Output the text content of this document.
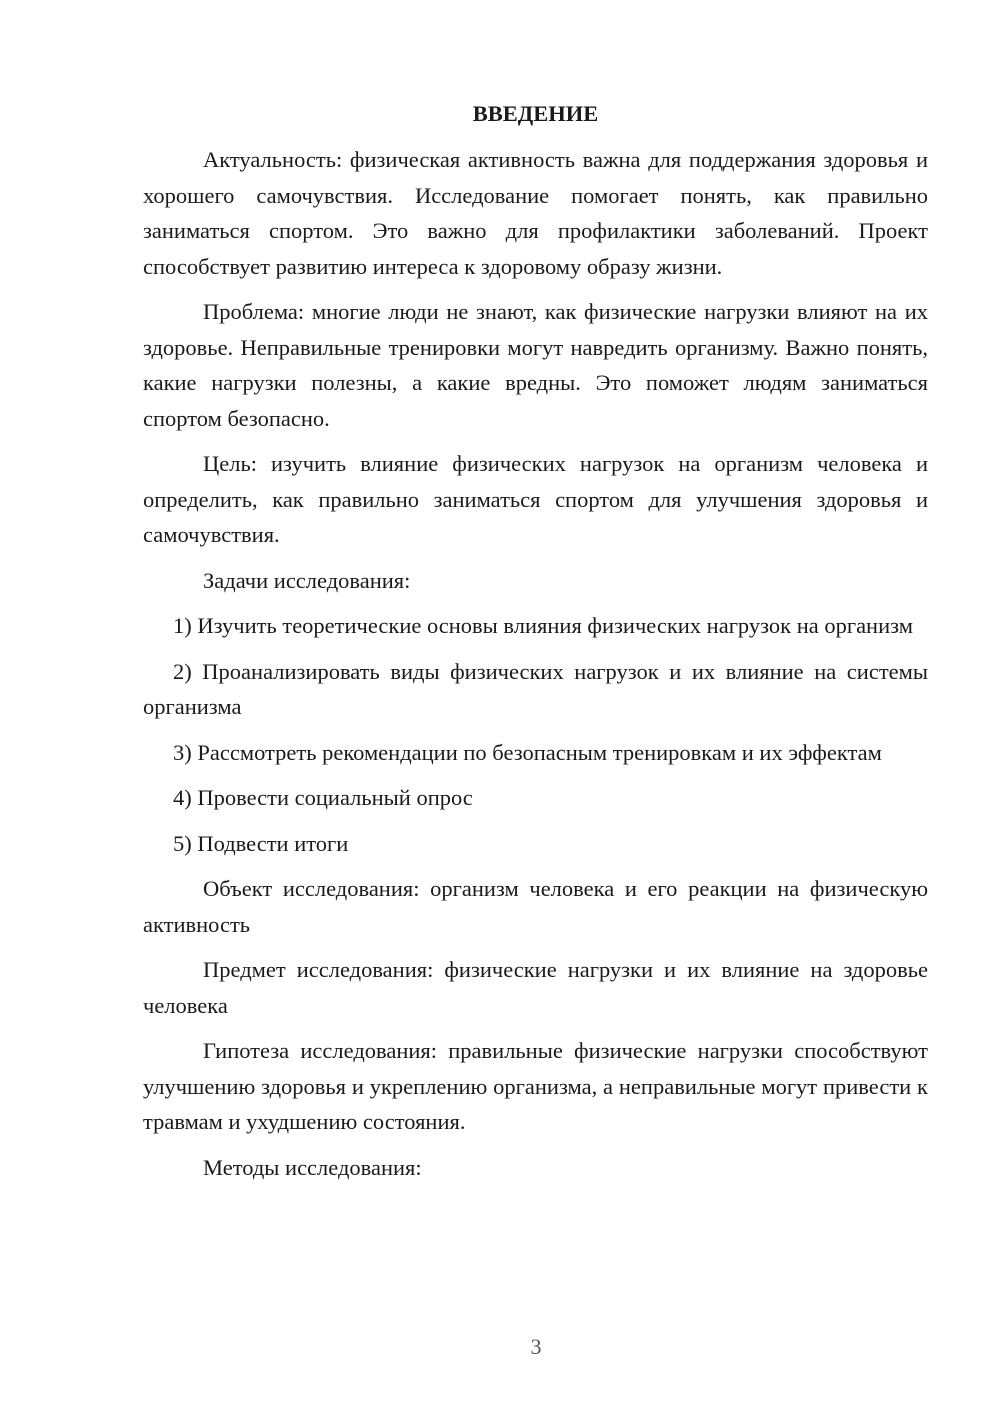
ВВЕДЕНИЕ

Актуальность: физическая активность важна для поддержания здоровья и хорошего самочувствия. Исследование помогает понять, как правильно заниматься спортом. Это важно для профилактики заболеваний. Проект способствует развитию интереса к здоровому образу жизни.

Проблема: многие люди не знают, как физические нагрузки влияют на их здоровье. Неправильные тренировки могут навредить организму. Важно понять, какие нагрузки полезны, а какие вредны. Это поможет людям заниматься спортом безопасно.

Цель: изучить влияние физических нагрузок на организм человека и определить, как правильно заниматься спортом для улучшения здоровья и самочувствия.

Задачи исследования:

1) Изучить теоретические основы влияния физических нагрузок на организм

2) Проанализировать виды физических нагрузок и их влияние на системы организма

3) Рассмотреть рекомендации по безопасным тренировкам и их эффектам

4) Провести социальный опрос

5) Подвести итоги

Объект исследования: организм человека и его реакции на физическую активность

Предмет исследования: физические нагрузки и их влияние на здоровье человека

Гипотеза исследования: правильные физические нагрузки способствуют улучшению здоровья и укреплению организма, а неправильные могут привести к травмам и ухудшению состояния.

Методы исследования:

3
